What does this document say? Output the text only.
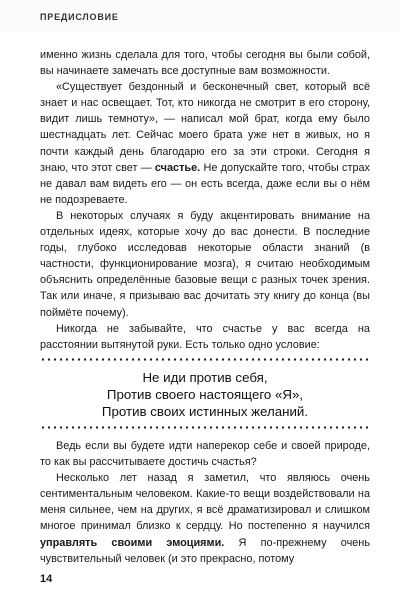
ПРЕДИСЛОВИЕ

именно жизнь сделала для того, чтобы сегодня вы были собой, вы начинаете замечать все доступные вам возможности.

«Существует бездонный и бесконечный свет, который всё знает и нас освещает. Тот, кто никогда не смотрит в его сторону, видит лишь темноту», — написал мой брат, когда ему было шестнадцать лет. Сейчас моего брата уже нет в живых, но я почти каждый день благодарю его за эти строки. Сегодня я знаю, что этот свет — счастье. Не допускайте того, чтобы страх не давал вам видеть его — он есть всегда, даже если вы о нём не подозреваете.

В некоторых случаях я буду акцентировать внимание на отдельных идеях, которые хочу до вас донести. В последние годы, глубоко исследовав некоторые области знаний (в частности, функционирование мозга), я считаю необходимым объяснить определённые базовые вещи с разных точек зрения. Так или иначе, я призываю вас дочитать эту книгу до конца (вы поймёте почему).

Никогда не забывайте, что счастье у вас всегда на расстоянии вытянутой руки. Есть только одно условие:

Не иди против себя,
Против своего настоящего «Я»,
Против своих истинных желаний.

Ведь если вы будете идти наперекор себе и своей природе, то как вы рассчитываете достичь счастья?

Несколько лет назад я заметил, что являюсь очень сентиментальным человеком. Какие-то вещи воздействовали на меня сильнее, чем на других, я всё драматизировал и слишком многое принимал близко к сердцу. Но постепенно я научился управлять своими эмоциями. Я по-прежнему очень чувствительный человек (и это прекрасно, потому

14
